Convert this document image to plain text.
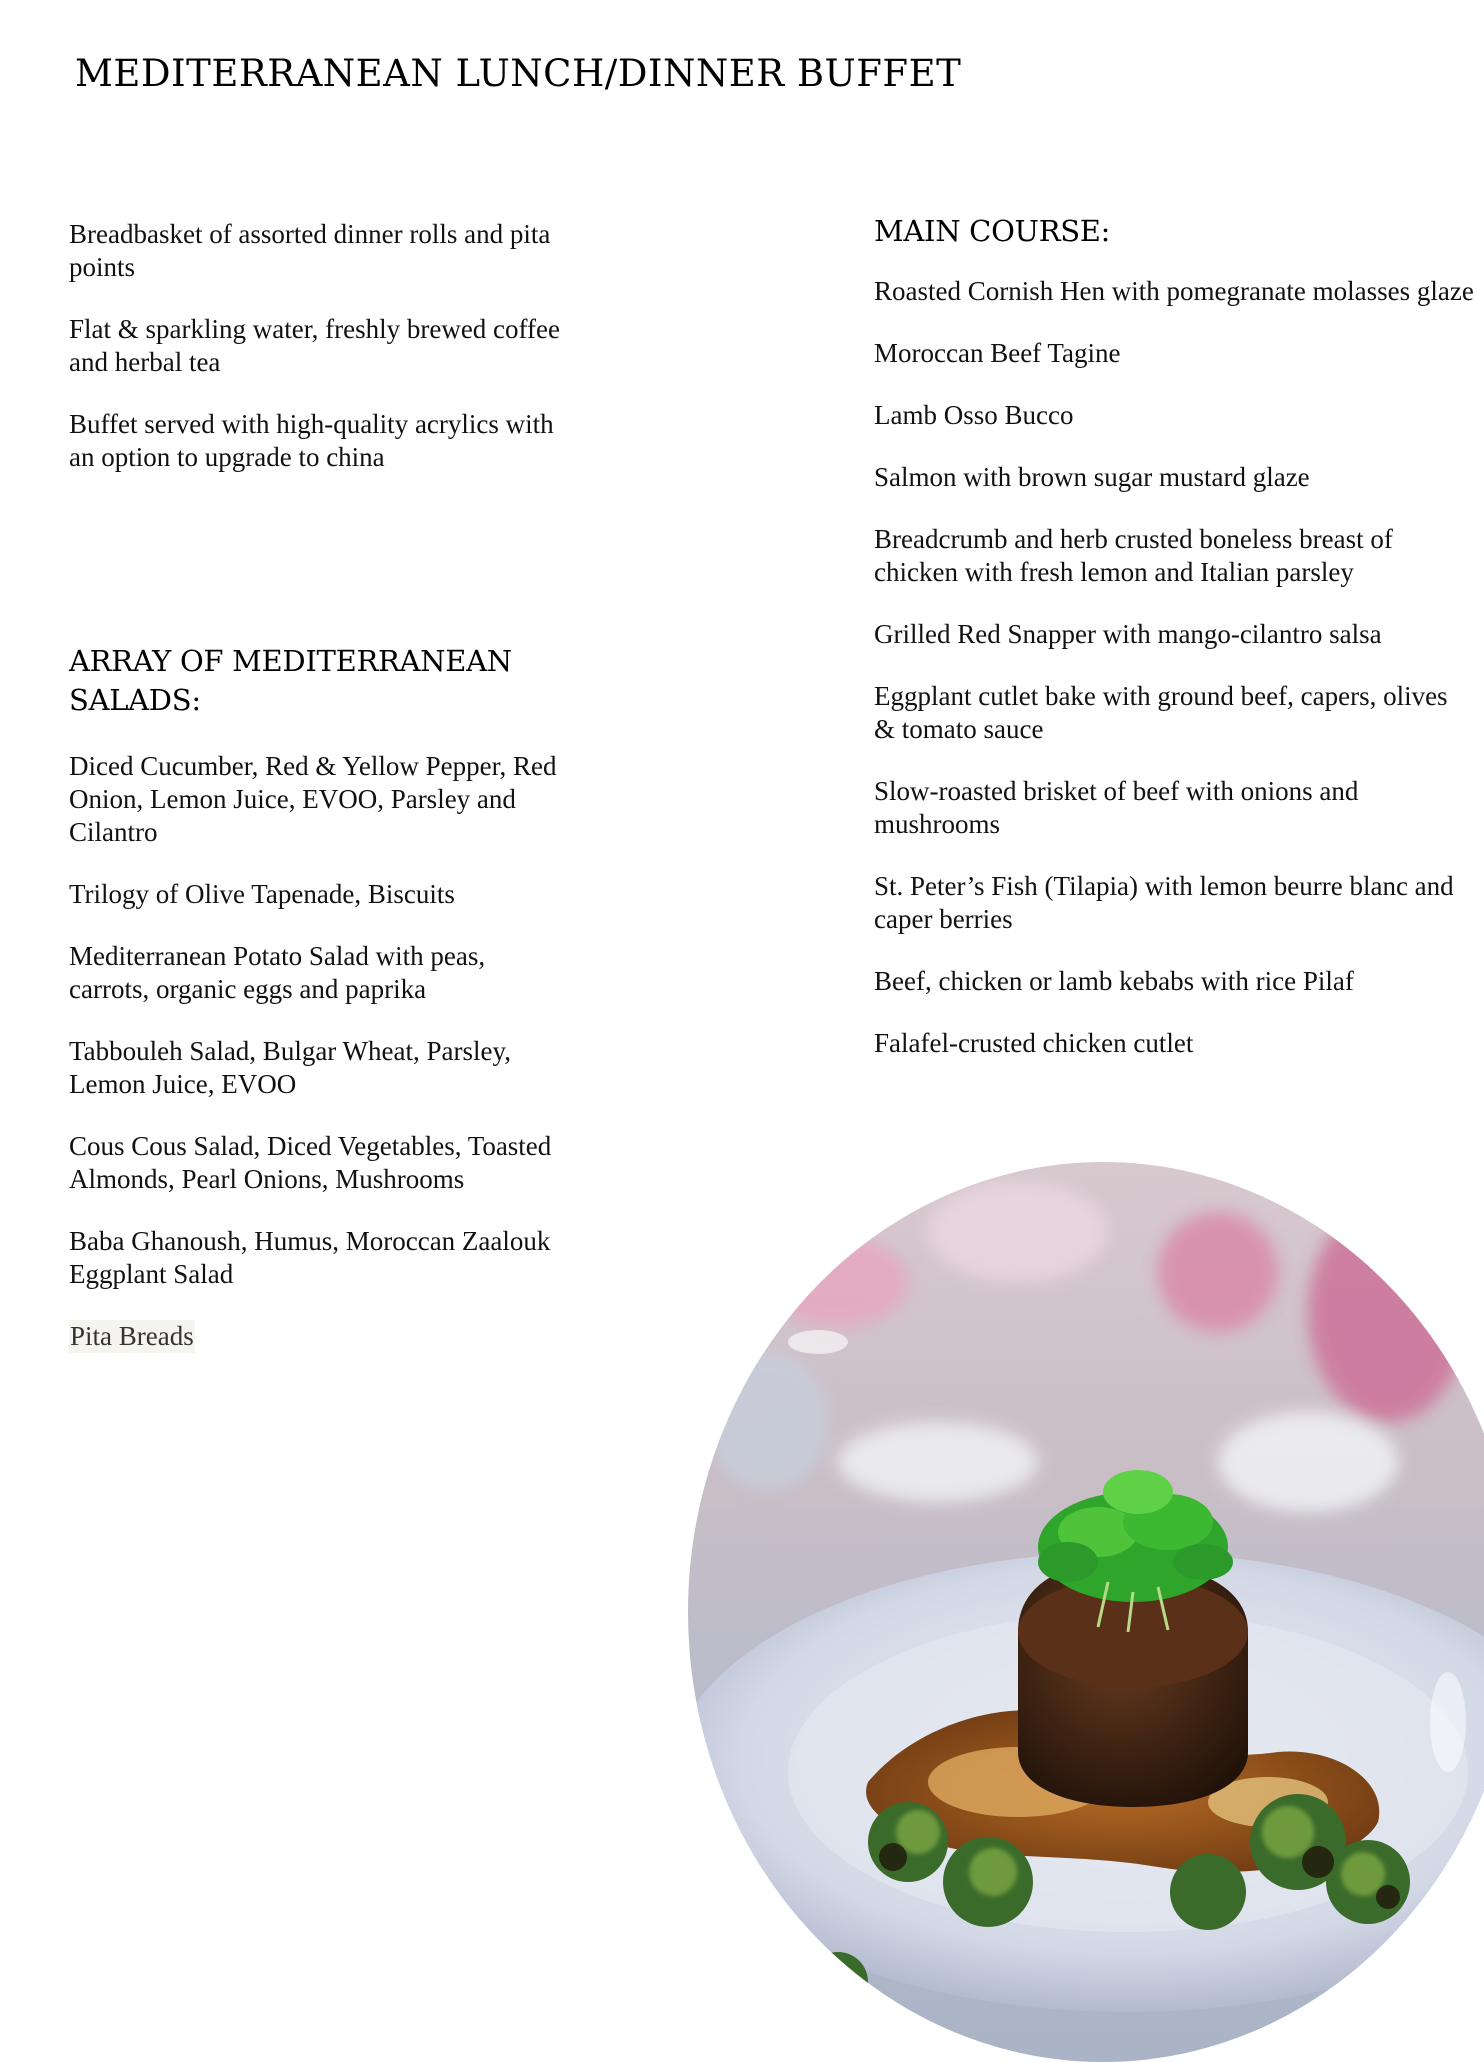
MEDITERRANEAN LUNCH/DINNER BUFFET

Breadbasket of assorted dinner rolls and pita points

Flat & sparkling water, freshly brewed coffee and herbal tea

Buffet served with high-quality acrylics with an option to upgrade to china

ARRAY OF MEDITERRANEAN SALADS:

Diced Cucumber, Red & Yellow Pepper, Red Onion, Lemon Juice, EVOO, Parsley and Cilantro

Trilogy of Olive Tapenade, Biscuits

Mediterranean Potato Salad with peas, carrots, organic eggs and paprika

Tabbouleh Salad, Bulgar Wheat, Parsley, Lemon Juice, EVOO

Cous Cous Salad, Diced Vegetables, Toasted Almonds, Pearl Onions, Mushrooms

Baba Ghanoush, Humus, Moroccan Zaalouk Eggplant Salad

Pita Breads

MAIN COURSE:

Roasted Cornish Hen with pomegranate molasses glaze

Moroccan Beef Tagine

Lamb Osso Bucco

Salmon with brown sugar mustard glaze

Breadcrumb and herb crusted boneless breast of chicken with fresh lemon and Italian parsley

Grilled Red Snapper with mango-cilantro salsa

Eggplant cutlet bake with ground beef, capers, olives & tomato sauce

Slow-roasted brisket of beef with onions and mushrooms

St. Peter’s Fish (Tilapia) with lemon beurre blanc and caper berries

Beef, chicken or lamb kebabs with rice Pilaf

Falafel-crusted chicken cutlet
